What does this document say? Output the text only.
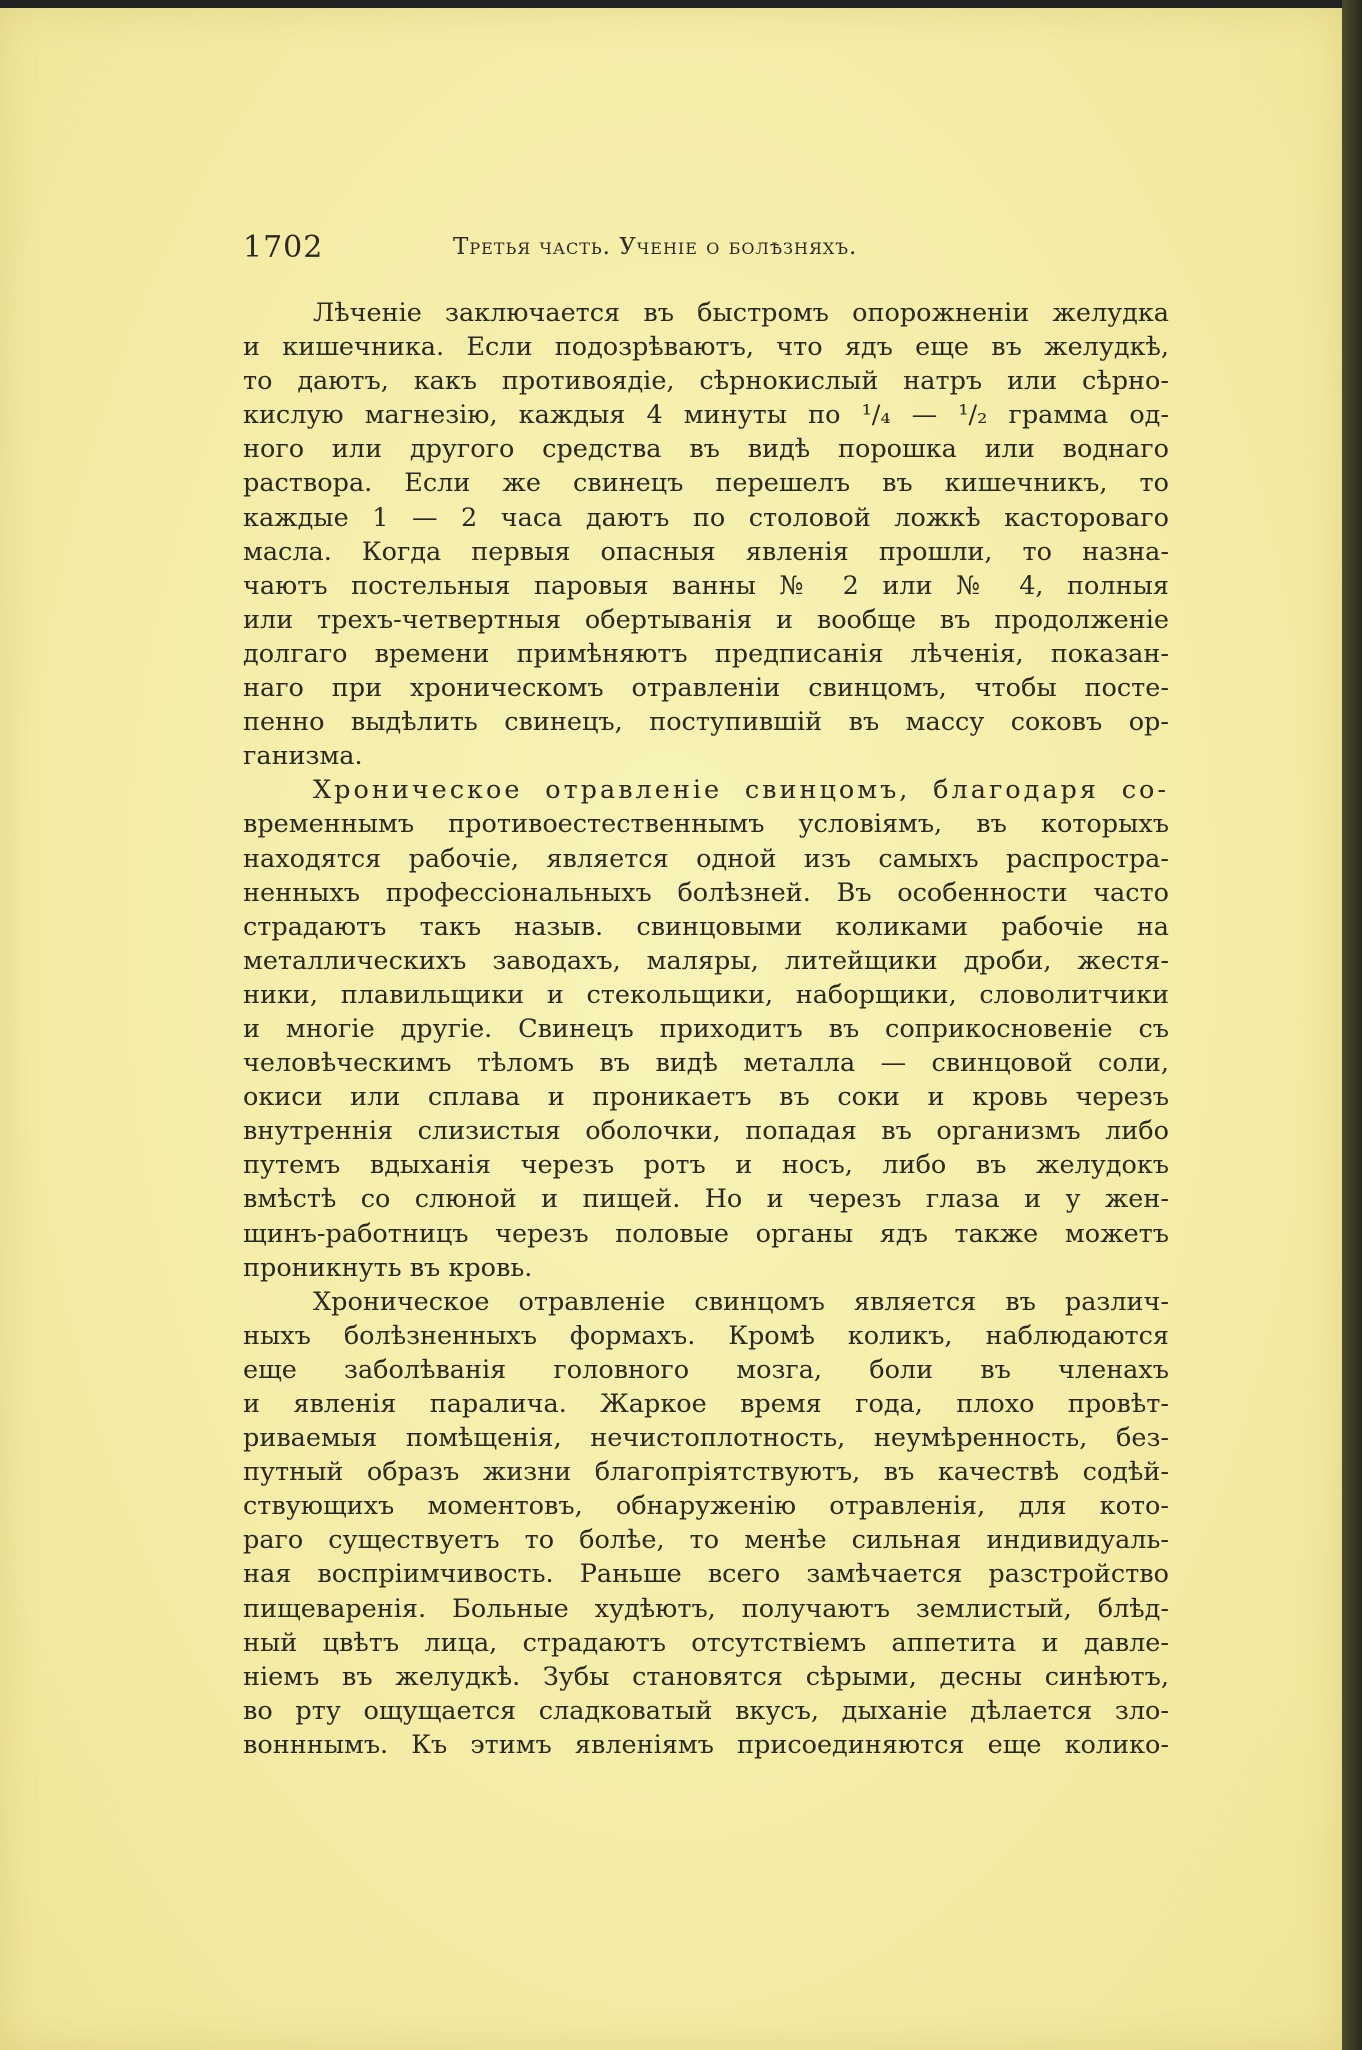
1702	Третья часть. Ученіе о болѣзняхъ.
Лѣченіе заключается въ быстромъ опорожненіи желудка
и кишечника. Если подозрѣваютъ, что ядъ еще въ желудкѣ,
то даютъ, какъ противоядіе, сѣрнокислый натръ или сѣрно-
кислую магнезію, каждыя 4 минуты по ¹/₄ — ¹/₂ грамма од-
ного или другого средства въ видѣ порошка или воднаго
раствора. Если же свинецъ перешелъ въ кишечникъ, то
каждые 1 — 2 часа даютъ по столовой ложкѣ касторовaго
масла. Когда первыя опасныя явленія прошли, то назна-
чаютъ постельныя паровыя ванны № 2 или № 4, полныя
или трехъ-четвертныя обертыванія и вообще въ продолженіе
долгаго времени примѣняютъ предписанія лѣченія, показан-
наго при хроническомъ отравленіи свинцомъ, чтобы посте-
пенно выдѣлить свинецъ, поступившій въ массу соковъ ор-
ганизма.
Хроническое отравленіе свинцомъ, благодаря со-
временнымъ противоестественнымъ условіямъ, въ которыхъ
находятся рабочіе, является одной изъ самыхъ распростра-
ненныхъ профессіональныхъ болѣзней. Въ особенности часто
страдаютъ такъ назыв. свинцовыми коликами рабочіе на
металлическихъ заводахъ, маляры, литейщики дроби, жестя-
ники, плавильщики и стекольщики, наборщики, словолитчики
и многіе другіе. Свинецъ приходитъ въ соприкосновеніе съ
человѣческимъ тѣломъ въ видѣ металла — свинцовой соли,
окиси или сплава и проникаетъ въ соки и кровь черезъ
внутреннія слизистыя оболочки, попадая въ организмъ либо
путемъ вдыханія черезъ ротъ и носъ, либо въ желудокъ
вмѣстѣ со слюной и пищей. Но и черезъ глаза и у жен-
щинъ-работницъ черезъ половые органы ядъ также можетъ
проникнуть въ кровь.
Хроническое отравленіе свинцомъ является въ различ-
ныхъ болѣзненныхъ формахъ. Кромѣ коликъ, наблюдаются
еще заболѣванія головного мозга, боли въ членахъ
и явленія паралича. Жаркое время года, плохо провѣт-
риваемыя помѣщенія, нечистоплотность, неумѣренность, без-
путный образъ жизни благопріятствуютъ, въ качествѣ содѣй-
ствующихъ моментовъ, обнаруженію отравленія, для кото-
раго существуетъ то болѣе, то менѣе сильная индивидуаль-
ная воспріимчивость. Раньше всего замѣчается разстройство
пищеваренія. Больные худѣютъ, получаютъ землистый, блѣд-
ный цвѣтъ лица, страдаютъ отсутствіемъ аппетита и давле-
ніемъ въ желудкѣ. Зубы становятся сѣрыми, десны синѣютъ,
во рту ощущается сладковатый вкусъ, дыханіе дѣлается зло-
вонннымъ. Къ этимъ явленіямъ присоединяются еще колико-
